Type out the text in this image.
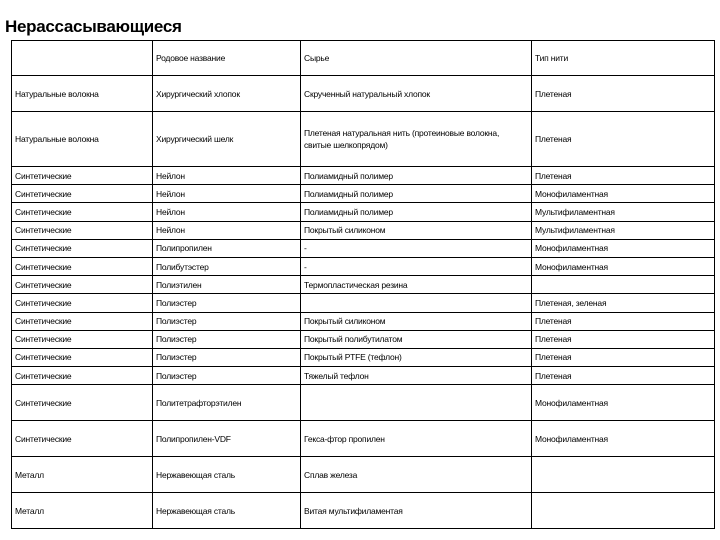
Нерассасывающиеся
	Родовое название	Сырье	Тип нити
Натуральные волокна	Хирургический хлопок	Скрученный натуральный хлопок	Плетеная
Натуральные волокна	Хирургический шелк	Плетеная натуральная нить (протеиновые волокна, свитые шелкопрядом)	Плетеная
Синтетические	Нейлон	Полиамидный полимер	Плетеная
Синтетические	Нейлон	Полиамидный полимер	Монофиламентная
Синтетические	Нейлон	Полиамидный полимер	Мультифиламентная
Синтетические	Нейлон	Покрытый силиконом	Мультифиламентная
Синтетические	Полипропилен	-	Монофиламентная
Синтетические	Полибутэстер	-	Монофиламентная
Синтетические	Полиэтилен	Термопластическая резина	
Синтетические	Полиэстер		Плетеная, зеленая
Синтетические	Полиэстер	Покрытый силиконом	Плетеная
Синтетические	Полиэстер	Покрытый полибутилатом	Плетеная
Синтетические	Полиэстер	Покрытый PTFE (тефлон)	Плетеная
Синтетические	Полиэстер	Тяжелый тефлон	Плетеная
Синтетические	Политетрафторэтилен		Монофиламентная
Синтетические	Полипропилен-VDF	Гекса-фтор пропилен	Монофиламентная
Металл	Нержавеющая сталь	Сплав железа	
Металл	Нержавеющая сталь	Витая мультифиламентая	
